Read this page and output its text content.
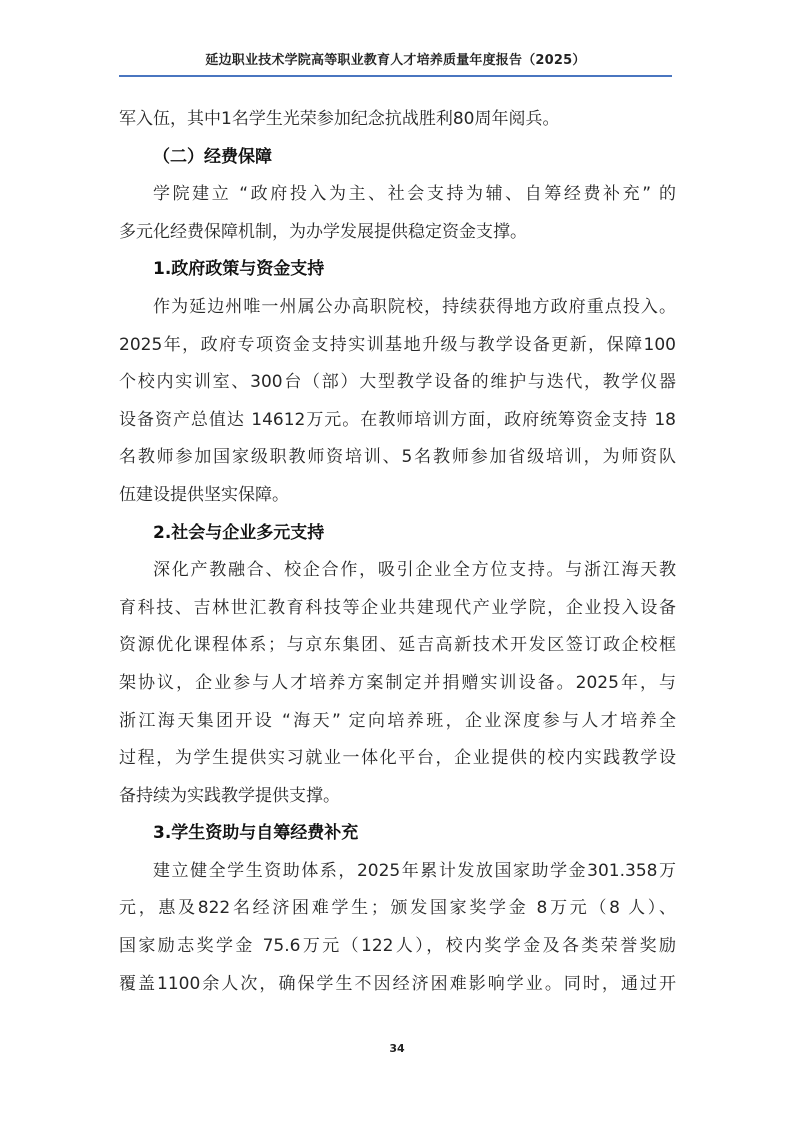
延边职业技术学院高等职业教育人才培养质量年度报告（2025）
军入伍，其中1名学生光荣参加纪念抗战胜利80周年阅兵。
（二）经费保障
学院建立 “政府投入为主、社会支持为辅、自筹经费补充” 的
多元化经费保障机制，为办学发展提供稳定资金支撑。
1.政府政策与资金支持
作为延边州唯一州属公办高职院校，持续获得地方政府重点投入。
2025年，政府专项资金支持实训基地升级与教学设备更新，保障100
个校内实训室、300台（部）大型教学设备的维护与迭代，教学仪器
设备资产总值达 14612万元。在教师培训方面，政府统筹资金支持 18
名教师参加国家级职教师资培训、5名教师参加省级培训，为师资队
伍建设提供坚实保障。
2.社会与企业多元支持
深化产教融合、校企合作，吸引企业全方位支持。与浙江海天教
育科技、吉林世汇教育科技等企业共建现代产业学院，企业投入设备
资源优化课程体系；与京东集团、延吉高新技术开发区签订政企校框
架协议，企业参与人才培养方案制定并捐赠实训设备。2025年，与
浙江海天集团开设 “海天” 定向培养班，企业深度参与人才培养全
过程，为学生提供实习就业一体化平台，企业提供的校内实践教学设
备持续为实践教学提供支撑。
3.学生资助与自筹经费补充
建立健全学生资助体系，2025年累计发放国家助学金301.358万
元，惠及822名经济困难学生；颁发国家奖学金 8万元（8 人）、
国家励志奖学金 75.6万元（122人），校内奖学金及各类荣誉奖励
覆盖1100余人次，确保学生不因经济困难影响学业。同时，通过开
34
